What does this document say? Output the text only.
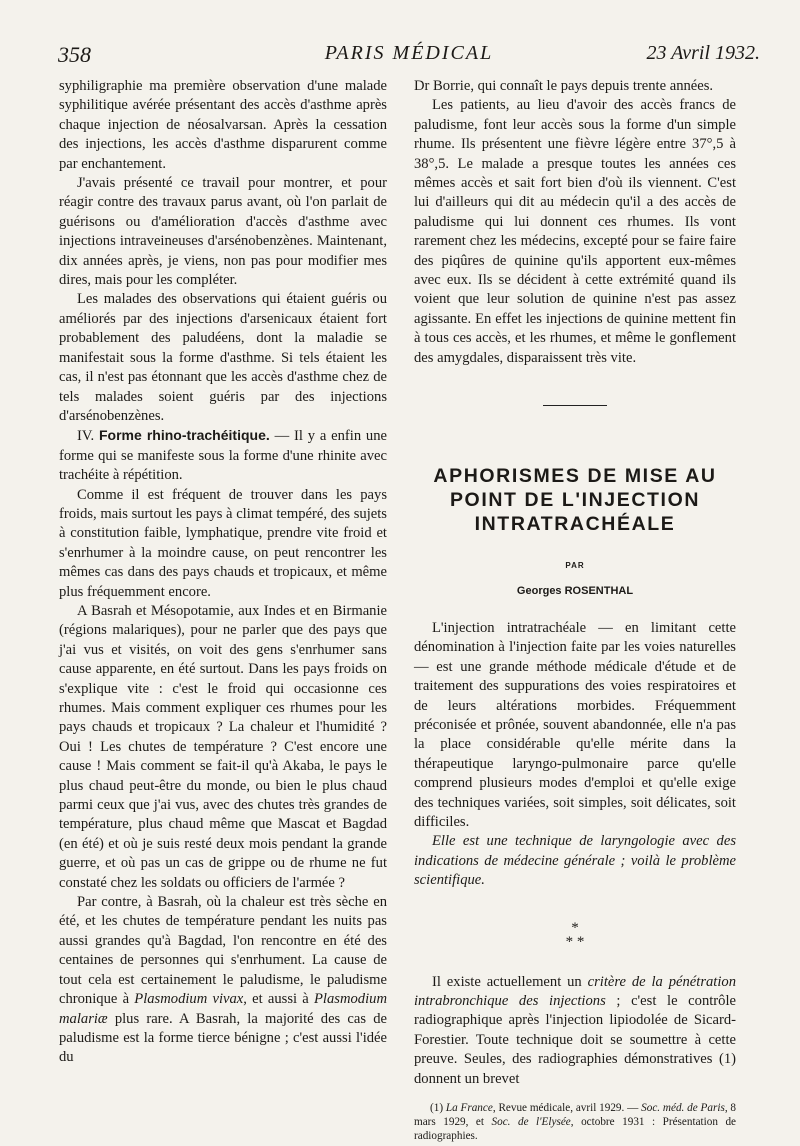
358	PARIS MÉDICAL	23 Avril 1932.

syphiligraphie ma première observation d'une malade syphilitique avérée présentant des accès d'asthme après chaque injection de néosalvarsan. Après la cessation des injections, les accès d'asthme disparurent comme par enchantement.

J'avais présenté ce travail pour montrer, et pour réagir contre des travaux parus avant, où l'on parlait de guérisons ou d'amélioration d'accès d'asthme avec injections intraveineuses d'arsénobenzènes. Maintenant, dix années après, je viens, non pas pour modifier mes dires, mais pour les compléter.

Les malades des observations qui étaient guéris ou améliorés par des injections d'arsenicaux étaient fort probablement des paludéens, dont la maladie se manifestait sous la forme d'asthme. Si tels étaient les cas, il n'est pas étonnant que les accès d'asthme chez de tels malades soient guéris par des injections d'arsénobenzènes.

IV. Forme rhino-trachéitique. — Il y a enfin une forme qui se manifeste sous la forme d'une rhinite avec trachéite à répétition.

Comme il est fréquent de trouver dans les pays froids, mais surtout les pays à climat tempéré, des sujets à constitution faible, lymphatique, prendre vite froid et s'enrhumer à la moindre cause, on peut rencontrer les mêmes cas dans des pays chauds et tropicaux, et même plus fréquemment encore.

A Basrah et Mésopotamie, aux Indes et en Birmanie (régions malariques), pour ne parler que des pays que j'ai vus et visités, on voit des gens s'enrhumer sans cause apparente, en été surtout. Dans les pays froids on s'explique vite : c'est le froid qui occasionne ces rhumes. Mais comment expliquer ces rhumes pour les pays chauds et tropicaux ? La chaleur et l'humidité ? Oui ! Les chutes de température ? C'est encore une cause ! Mais comment se fait-il qu'à Akaba, le pays le plus chaud peut-être du monde, ou bien le plus chaud parmi ceux que j'ai vus, avec des chutes très grandes de température, plus chaud même que Mascat et Bagdad (en été) et où je suis resté deux mois pendant la grande guerre, et où pas un cas de grippe ou de rhume ne fut constaté chez les soldats ou officiers de l'armée ?

Par contre, à Basrah, où la chaleur est très sèche en été, et les chutes de température pendant les nuits pas aussi grandes qu'à Bagdad, l'on rencontre en été des centaines de personnes qui s'enrhument. La cause de tout cela est certainement le paludisme, le paludisme chronique à Plasmodium vivax, et aussi à Plasmodium malariæ plus rare. A Basrah, la majorité des cas de paludisme est la forme tierce bénigne ; c'est aussi l'idée du

Dr Borrie, qui connaît le pays depuis trente années.

Les patients, au lieu d'avoir des accès francs de paludisme, font leur accès sous la forme d'un simple rhume. Ils présentent une fièvre légère entre 37°,5 à 38°,5. Le malade a presque toutes les années ces mêmes accès et sait fort bien d'où ils viennent. C'est lui d'ailleurs qui dit au médecin qu'il a des accès de paludisme qui lui donnent ces rhumes. Ils vont rarement chez les médecins, excepté pour se faire faire des piqûres de quinine qu'ils apportent eux-mêmes avec eux. Ils se décident à cette extrémité quand ils voient que leur solution de quinine n'est pas assez agissante. En effet les injections de quinine mettent fin à tous ces accès, et les rhumes, et même le gonflement des amygdales, disparaissent très vite.

APHORISMES DE MISE AU POINT DE L'INJECTION INTRATRACHÉALE
PAR
Georges ROSENTHAL

L'injection intratrachéale — en limitant cette dénomination à l'injection faite par les voies naturelles — est une grande méthode médicale d'étude et de traitement des suppurations des voies respiratoires et de leurs altérations morbides. Fréquemment préconisée et prônée, souvent abandonnée, elle n'a pas la place considérable qu'elle mérite dans la thérapeutique laryngo-pulmonaire parce qu'elle comprend plusieurs modes d'emploi et qu'elle exige des techniques variées, soit simples, soit délicates, soit difficiles.

Elle est une technique de laryngologie avec des indications de médecine générale ; voilà le problème scientifique.

*
* *

Il existe actuellement un critère de la pénétration intrabronchique des injections ; c'est le contrôle radiographique après l'injection lipiodolée de Sicard-Forestier. Toute technique doit se soumettre à cette preuve. Seules, des radiographies démonstratives (1) donnent un brevet

(1) La France, Revue médicale, avril 1929. — Soc. méd. de Paris, 8 mars 1929, et Soc. de l'Elysée, octobre 1931 : Présentation de radiographies.
